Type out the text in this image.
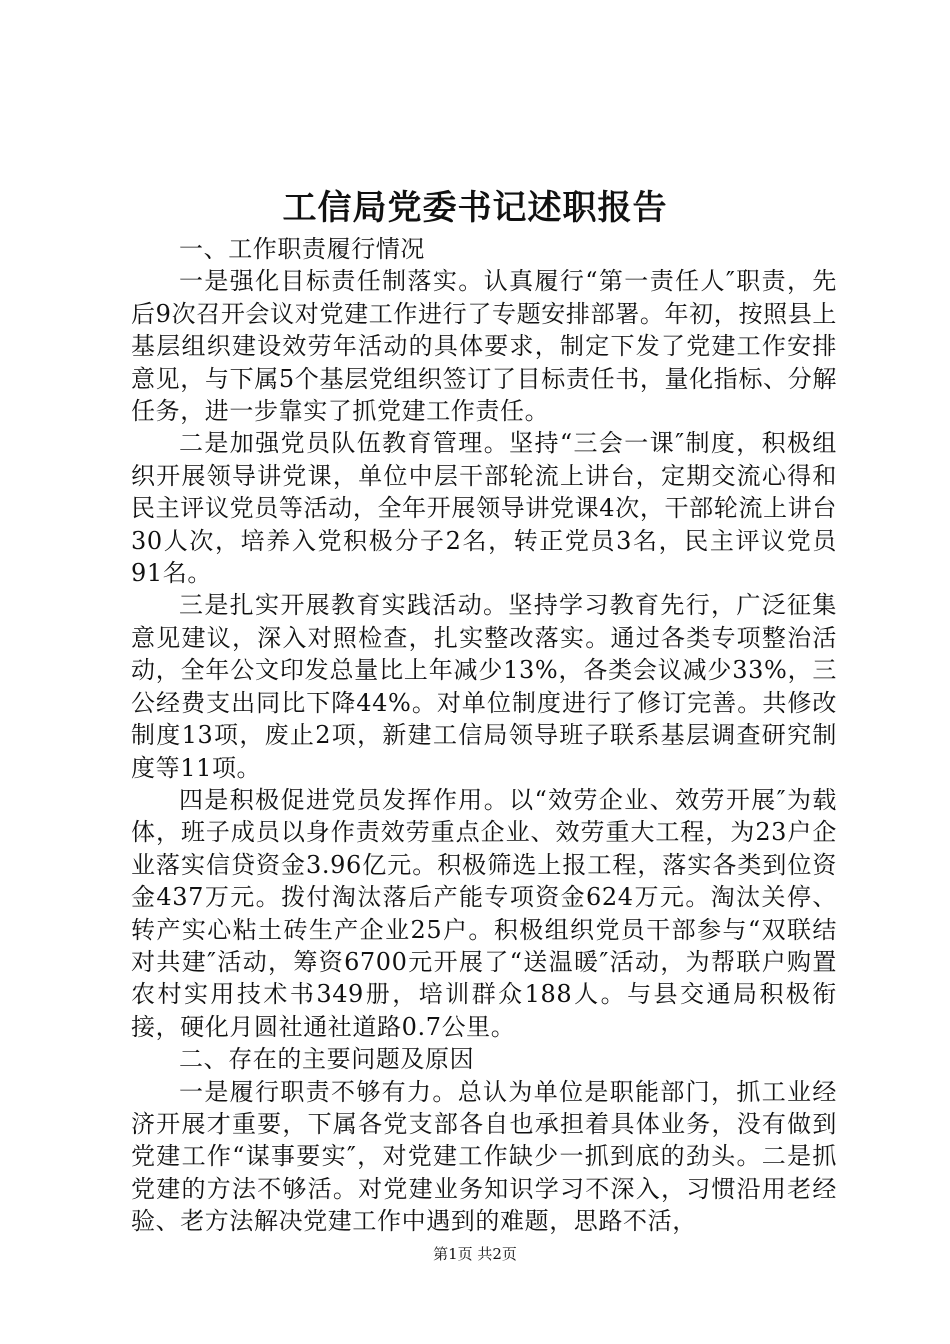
工信局党委书记述职报告

一、工作职责履行情况

一是强化目标责任制落实。认真履行“第一责任人″职责，先后9次召开会议对党建工作进行了专题安排部署。年初，按照县上基层组织建设效劳年活动的具体要求，制定下发了党建工作安排意见，与下属5个基层党组织签订了目标责任书，量化指标、分解任务，进一步靠实了抓党建工作责任。

二是加强党员队伍教育管理。坚持“三会一课″制度，积极组织开展领导讲党课，单位中层干部轮流上讲台，定期交流心得和民主评议党员等活动，全年开展领导讲党课4次，干部轮流上讲台30人次，培养入党积极分子2名，转正党员3名，民主评议党员91名。

三是扎实开展教育实践活动。坚持学习教育先行，广泛征集意见建议，深入对照检查，扎实整改落实。通过各类专项整治活动，全年公文印发总量比上年减少13%，各类会议减少33%，三公经费支出同比下降44%。对单位制度进行了修订完善。共修改制度13项，废止2项，新建工信局领导班子联系基层调查研究制度等11项。

四是积极促进党员发挥作用。以“效劳企业、效劳开展″为载体，班子成员以身作责效劳重点企业、效劳重大工程，为23户企业落实信贷资金3.96亿元。积极筛选上报工程，落实各类到位资金437万元。拨付淘汰落后产能专项资金624万元。淘汰关停、转产实心粘土砖生产企业25户。积极组织党员干部参与“双联结对共建″活动，筹资6700元开展了“送温暖″活动，为帮联户购置农村实用技术书349册，培训群众188人。与县交通局积极衔接，硬化月圆社通社道路0.7公里。

二、存在的主要问题及原因

一是履行职责不够有力。总认为单位是职能部门，抓工业经济开展才重要，下属各党支部各自也承担着具体业务，没有做到党建工作“谋事要实″，对党建工作缺少一抓到底的劲头。二是抓党建的方法不够活。对党建业务知识学习不深入，习惯沿用老经验、老方法解决党建工作中遇到的难题，思路不活，

第1页 共2页
